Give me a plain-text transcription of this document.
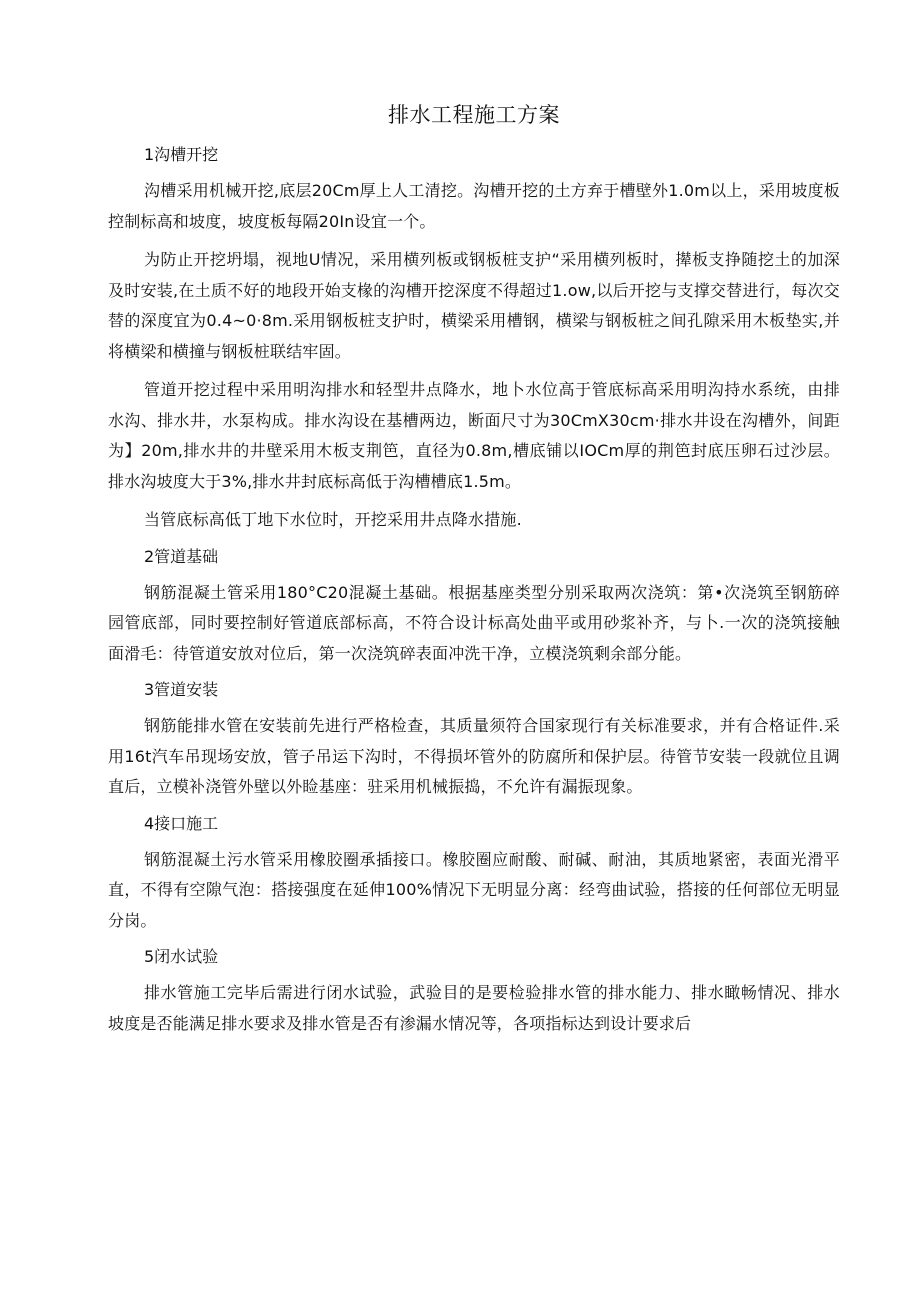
排水工程施工方案
1沟槽开挖

沟槽采用机械开挖,底层20Cm厚上人工清挖。沟槽开挖的土方弃于槽壁外1.0m以上，采用坡度板控制标高和坡度，坡度板每隔20In设宜一个。

为防止开挖坍塌，视地U情况，采用横列板或钢板桩支护“采用横列板时，撵板支挣随挖土的加深及时安装,在土质不好的地段开始支椽的沟槽开挖深度不得超过1.ow,以后开挖与支撑交替进行，每次交替的深度宜为0.4~0·8m.采用钢板桩支护时，横梁采用槽钢，横梁与钢板桩之间孔隙采用木板垫实,并将横梁和横撞与钢板桩联结牢固。

管道开挖过程中采用明沟排水和轻型井点降水，地卜水位高于管底标高采用明沟持水系统，由排水沟、排水井，水泵构成。排水沟设在基槽两边，断面尺寸为30CmX30cm·排水井设在沟槽外，间距为】20m,排水井的井壁采用木板支荆笆，直径为0.8m,槽底铺以IOCm厚的荆笆封底压卵石过沙层。排水沟坡度大于3%,排水井封底标高低于沟槽槽底1.5m。

当管底标高低丁地下水位时，开挖采用井点降水措施.

2管道基础

钢筋混凝土管采用180°C20混凝土基础。根据基座类型分别采取两次浇筑：第•次浇筑至钢筋碎园管底部，同时要控制好管道底部标高，不符合设计标高处曲平或用砂浆补齐，与卜.一次的浇筑接触面滑毛：待管道安放对位后，第一次浇筑碎表面冲洗干净，立模浇筑剩余部分能。

3管道安装

钢筋能排水管在安装前先进行严格检查，其质量须符合国家现行有关标准要求，并有合格证件.采用16t汽车吊现场安放，管子吊运下沟时，不得损坏管外的防腐所和保护层。待管节安装一段就位且调直后，立模补浇管外壁以外睑基座：驻采用机械振捣，不允许有漏振现象。

4接口施工

钢筋混凝土污水管采用橡胶圈承插接口。橡胶圈应耐酸、耐碱、耐油，其质地紧密，表面光滑平直，不得有空隙气泡：搭接强度在延伸100%情况下无明显分离：经弯曲试验，搭接的任何部位无明显分岗。

5闭水试验

排水管施工完毕后需进行闭水试验，武验目的是要检验排水管的排水能力、排水瞰畅情况、排水坡度是否能满足排水要求及排水管是否有渗漏水情况等，各项指标达到设计要求后
